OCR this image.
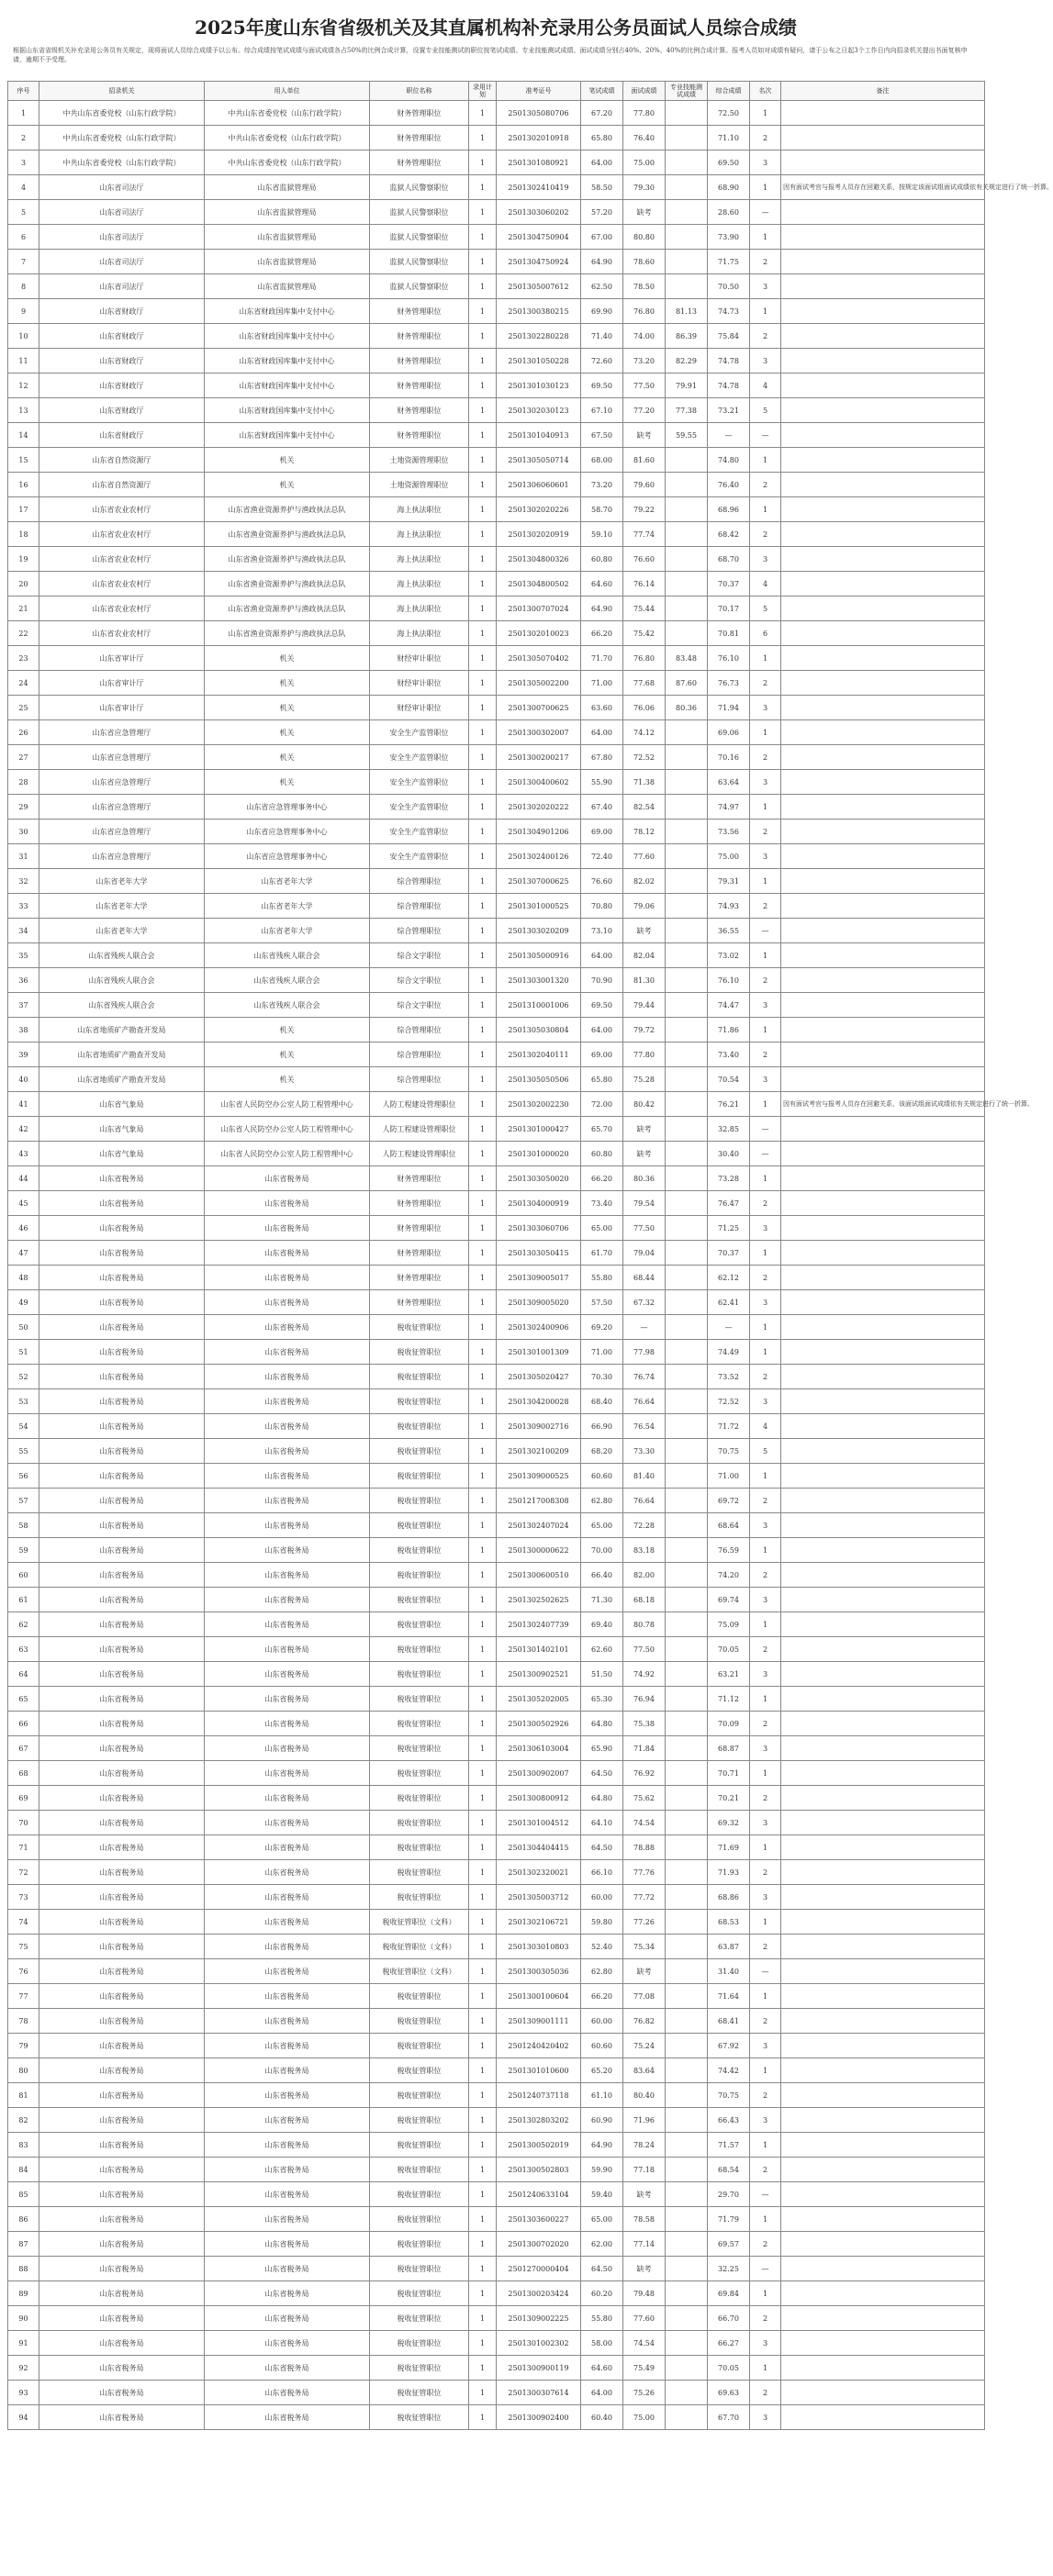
2025年度山东省省级机关及其直属机构补充录用公务员面试人员综合成绩
根据山东省省级机关补充录用公务员有关规定，现将面试人员综合成绩予以公布。综合成绩按笔试成绩与面试成绩各占50%的比例合成计算，设置专业技能测试的职位按笔试成绩、专业技能测试成绩、面试成绩分别占40%、20%、40%的比例合成计算。报考人员如对成绩有疑问，请于公布之日起3个工作日内向招录机关提出书面复核申请，逾期不予受理。
序号	招录机关	用人单位	职位名称	录用计划	准考证号	笔试成绩	面试成绩	专业技能测试成绩	综合成绩	名次	备注
1	中共山东省委党校（山东行政学院）	中共山东省委党校（山东行政学院）	财务管理职位	1	2501305080706	67.20	77.80		72.50	1	
2	中共山东省委党校（山东行政学院）	中共山东省委党校（山东行政学院）	财务管理职位	1	2501302010918	65.80	76.40		71.10	2	
3	中共山东省委党校（山东行政学院）	中共山东省委党校（山东行政学院）	财务管理职位	1	2501301080921	64.00	75.00		69.50	3	
4	山东省司法厅	山东省监狱管理局	监狱人民警察职位	1	2501302410419	58.50	79.30		68.90	1	因有面试考官与报考人员存在回避关系，按规定该面试组面试成绩依有关规定进行了统一折算。
5	山东省司法厅	山东省监狱管理局	监狱人民警察职位	1	2501303060202	57.20	缺考		28.60	—	
6	山东省司法厅	山东省监狱管理局	监狱人民警察职位	1	2501304750904	67.00	80.80		73.90	1	
7	山东省司法厅	山东省监狱管理局	监狱人民警察职位	1	2501304750924	64.90	78.60		71.75	2	
8	山东省司法厅	山东省监狱管理局	监狱人民警察职位	1	2501305007612	62.50	78.50		70.50	3	
9	山东省财政厅	山东省财政国库集中支付中心	财务管理职位	1	2501300380215	69.90	76.80	81.13	74.73	1	
10	山东省财政厅	山东省财政国库集中支付中心	财务管理职位	1	2501302280228	71.40	74.00	86.39	75.84	2	
11	山东省财政厅	山东省财政国库集中支付中心	财务管理职位	1	2501301050228	72.60	73.20	82.29	74.78	3	
12	山东省财政厅	山东省财政国库集中支付中心	财务管理职位	1	2501301030123	69.50	77.50	79.91	74.78	4	
13	山东省财政厅	山东省财政国库集中支付中心	财务管理职位	1	2501302030123	67.10	77.20	77.38	73.21	5	
14	山东省财政厅	山东省财政国库集中支付中心	财务管理职位	1	2501301040913	67.50	缺考	59.55	—	—	
15	山东省自然资源厅	机关	土地资源管理职位	1	2501305050714	68.00	81.60		74.80	1	
16	山东省自然资源厅	机关	土地资源管理职位	1	2501306060601	73.20	79.60		76.40	2	
17	山东省农业农村厅	山东省渔业资源养护与渔政执法总队	海上执法职位	1	2501302020226	58.70	79.22		68.96	1	
18	山东省农业农村厅	山东省渔业资源养护与渔政执法总队	海上执法职位	1	2501302020919	59.10	77.74		68.42	2	
19	山东省农业农村厅	山东省渔业资源养护与渔政执法总队	海上执法职位	1	2501304800326	60.80	76.60		68.70	3	
20	山东省农业农村厅	山东省渔业资源养护与渔政执法总队	海上执法职位	1	2501304800502	64.60	76.14		70.37	4	
21	山东省农业农村厅	山东省渔业资源养护与渔政执法总队	海上执法职位	1	2501300707024	64.90	75.44		70.17	5	
22	山东省农业农村厅	山东省渔业资源养护与渔政执法总队	海上执法职位	1	2501302010023	66.20	75.42		70.81	6	
23	山东省审计厅	机关	财经审计职位	1	2501305070402	71.70	76.80	83.48	76.10	1	
24	山东省审计厅	机关	财经审计职位	1	2501305002200	71.00	77.68	87.60	76.73	2	
25	山东省审计厅	机关	财经审计职位	1	2501300700625	63.60	76.06	80.36	71.94	3	
26	山东省应急管理厅	机关	安全生产监管职位	1	2501300302007	64.00	74.12		69.06	1	
27	山东省应急管理厅	机关	安全生产监管职位	1	2501300200217	67.80	72.52		70.16	2	
28	山东省应急管理厅	机关	安全生产监管职位	1	2501300400602	55.90	71.38		63.64	3	
29	山东省应急管理厅	山东省应急管理事务中心	安全生产监管职位	1	2501302020222	67.40	82.54		74.97	1	
30	山东省应急管理厅	山东省应急管理事务中心	安全生产监管职位	1	2501304901206	69.00	78.12		73.56	2	
31	山东省应急管理厅	山东省应急管理事务中心	安全生产监管职位	1	2501302400126	72.40	77.60		75.00	3	
32	山东省老年大学	山东省老年大学	综合管理职位	1	2501307000625	76.60	82.02		79.31	1	
33	山东省老年大学	山东省老年大学	综合管理职位	1	2501301000525	70.80	79.06		74.93	2	
34	山东省老年大学	山东省老年大学	综合管理职位	1	2501303020209	73.10	缺考		36.55	—	
35	山东省残疾人联合会	山东省残疾人联合会	综合文字职位	1	2501305000916	64.00	82.04		73.02	1	
36	山东省残疾人联合会	山东省残疾人联合会	综合文字职位	1	2501303001320	70.90	81.30		76.10	2	
37	山东省残疾人联合会	山东省残疾人联合会	综合文字职位	1	2501310001006	69.50	79.44		74.47	3	
38	山东省地质矿产勘查开发局	机关	综合管理职位	1	2501305030804	64.00	79.72		71.86	1	
39	山东省地质矿产勘查开发局	机关	综合管理职位	1	2501302040111	69.00	77.80		73.40	2	
40	山东省地质矿产勘查开发局	机关	综合管理职位	1	2501305050506	65.80	75.28		70.54	3	
41	山东省气象局	山东省人民防空办公室人防工程管理中心	人防工程建设管理职位	1	2501302002230	72.00	80.42		76.21	1	因有面试考官与报考人员存在回避关系，该面试组面试成绩依有关规定进行了统一折算。
42	山东省气象局	山东省人民防空办公室人防工程管理中心	人防工程建设管理职位	1	2501301000427	65.70	缺考		32.85	—	
43	山东省气象局	山东省人民防空办公室人防工程管理中心	人防工程建设管理职位	1	2501301000020	60.80	缺考		30.40	—	
44	山东省税务局	山东省税务局	财务管理职位	1	2501303050020	66.20	80.36		73.28	1	
45	山东省税务局	山东省税务局	财务管理职位	1	2501304000919	73.40	79.54		76.47	2	
46	山东省税务局	山东省税务局	财务管理职位	1	2501303060706	65.00	77.50		71.25	3	
47	山东省税务局	山东省税务局	财务管理职位	1	2501303050415	61.70	79.04		70.37	1	
48	山东省税务局	山东省税务局	财务管理职位	1	2501309005017	55.80	68.44		62.12	2	
49	山东省税务局	山东省税务局	财务管理职位	1	2501309005020	57.50	67.32		62.41	3	
50	山东省税务局	山东省税务局	税收征管职位	1	2501302400906	69.20	—		—	1	
51	山东省税务局	山东省税务局	税收征管职位	1	2501301001309	71.00	77.98		74.49	1	
52	山东省税务局	山东省税务局	税收征管职位	1	2501305020427	70.30	76.74		73.52	2	
53	山东省税务局	山东省税务局	税收征管职位	1	2501304200028	68.40	76.64		72.52	3	
54	山东省税务局	山东省税务局	税收征管职位	1	2501309002716	66.90	76.54		71.72	4	
55	山东省税务局	山东省税务局	税收征管职位	1	2501302100209	68.20	73.30		70.75	5	
56	山东省税务局	山东省税务局	税收征管职位	1	2501309000525	60.60	81.40		71.00	1	
57	山东省税务局	山东省税务局	税收征管职位	1	2501217008308	62.80	76.64		69.72	2	
58	山东省税务局	山东省税务局	税收征管职位	1	2501302407024	65.00	72.28		68.64	3	
59	山东省税务局	山东省税务局	税收征管职位	1	2501300000622	70.00	83.18		76.59	1	
60	山东省税务局	山东省税务局	税收征管职位	1	2501300600510	66.40	82.00		74.20	2	
61	山东省税务局	山东省税务局	税收征管职位	1	2501302502625	71.30	68.18		69.74	3	
62	山东省税务局	山东省税务局	税收征管职位	1	2501302407739	69.40	80.78		75.09	1	
63	山东省税务局	山东省税务局	税收征管职位	1	2501301402101	62.60	77.50		70.05	2	
64	山东省税务局	山东省税务局	税收征管职位	1	2501300902521	51.50	74.92		63.21	3	
65	山东省税务局	山东省税务局	税收征管职位	1	2501305202005	65.30	76.94		71.12	1	
66	山东省税务局	山东省税务局	税收征管职位	1	2501300502926	64.80	75.38		70.09	2	
67	山东省税务局	山东省税务局	税收征管职位	1	2501306103004	65.90	71.84		68.87	3	
68	山东省税务局	山东省税务局	税收征管职位	1	2501300902007	64.50	76.92		70.71	1	
69	山东省税务局	山东省税务局	税收征管职位	1	2501300800912	64.80	75.62		70.21	2	
70	山东省税务局	山东省税务局	税收征管职位	1	2501301004512	64.10	74.54		69.32	3	
71	山东省税务局	山东省税务局	税收征管职位	1	2501304404415	64.50	78.88		71.69	1	
72	山东省税务局	山东省税务局	税收征管职位	1	2501302320021	66.10	77.76		71.93	2	
73	山东省税务局	山东省税务局	税收征管职位	1	2501305003712	60.00	77.72		68.86	3	
74	山东省税务局	山东省税务局	税收征管职位（文科）	1	2501302106721	59.80	77.26		68.53	1	
75	山东省税务局	山东省税务局	税收征管职位（文科）	1	2501303010803	52.40	75.34		63.87	2	
76	山东省税务局	山东省税务局	税收征管职位（文科）	1	2501300305036	62.80	缺考		31.40	—	
77	山东省税务局	山东省税务局	税收征管职位	1	2501300100604	66.20	77.08		71.64	1	
78	山东省税务局	山东省税务局	税收征管职位	1	2501309001111	60.00	76.82		68.41	2	
79	山东省税务局	山东省税务局	税收征管职位	1	2501240420402	60.60	75.24		67.92	3	
80	山东省税务局	山东省税务局	税收征管职位	1	2501301010600	65.20	83.64		74.42	1	
81	山东省税务局	山东省税务局	税收征管职位	1	2501240737118	61.10	80.40		70.75	2	
82	山东省税务局	山东省税务局	税收征管职位	1	2501302803202	60.90	71.96		66.43	3	
83	山东省税务局	山东省税务局	税收征管职位	1	2501300502019	64.90	78.24		71.57	1	
84	山东省税务局	山东省税务局	税收征管职位	1	2501300502803	59.90	77.18		68.54	2	
85	山东省税务局	山东省税务局	税收征管职位	1	2501240633104	59.40	缺考		29.70	—	
86	山东省税务局	山东省税务局	税收征管职位	1	2501303600227	65.00	78.58		71.79	1	
87	山东省税务局	山东省税务局	税收征管职位	1	2501300702020	62.00	77.14		69.57	2	
88	山东省税务局	山东省税务局	税收征管职位	1	2501270000404	64.50	缺考		32.25	—	
89	山东省税务局	山东省税务局	税收征管职位	1	2501300203424	60.20	79.48		69.84	1	
90	山东省税务局	山东省税务局	税收征管职位	1	2501309002225	55.80	77.60		66.70	2	
91	山东省税务局	山东省税务局	税收征管职位	1	2501301002302	58.00	74.54		66.27	3	
92	山东省税务局	山东省税务局	税收征管职位	1	2501300900119	64.60	75.49		70.05	1	
93	山东省税务局	山东省税务局	税收征管职位	1	2501300307614	64.00	75.26		69.63	2	
94	山东省税务局	山东省税务局	税收征管职位	1	2501300902400	60.40	75.00		67.70	3	
